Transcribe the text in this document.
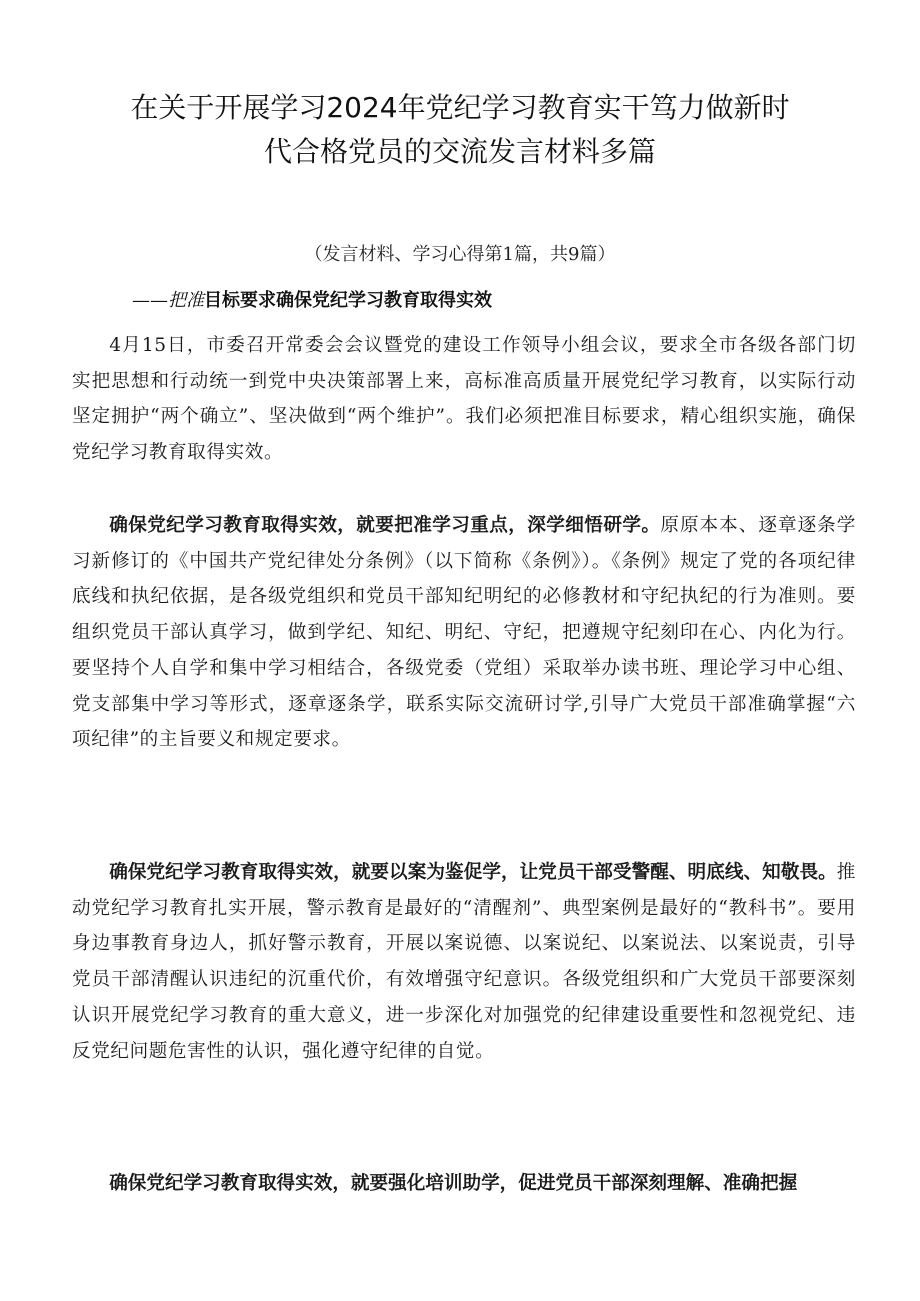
在关于开展学习2024年党纪学习教育实干笃力做新时
代合格党员的交流发言材料多篇
（发言材料、学习心得第1篇，共9篇）
——把准目标要求确保党纪学习教育取得实效

4月15日，市委召开常委会会议暨党的建设工作领导小组会议，要求全市各级各部门切实把思想和行动统一到党中央决策部署上来，高标准高质量开展党纪学习教育，以实际行动坚定拥护“两个确立”、坚决做到“两个维护”。我们必须把准目标要求，精心组织实施，确保党纪学习教育取得实效。

确保党纪学习教育取得实效，就要把准学习重点，深学细悟研学。原原本本、逐章逐条学习新修订的《中国共产党纪律处分条例》（以下简称《条例》）。《条例》规定了党的各项纪律底线和执纪依据，是各级党组织和党员干部知纪明纪的必修教材和守纪执纪的行为准则。要组织党员干部认真学习，做到学纪、知纪、明纪、守纪，把遵规守纪刻印在心、内化为行。要坚持个人自学和集中学习相结合，各级党委（党组）采取举办读书班、理论学习中心组、党支部集中学习等形式，逐章逐条学，联系实际交流研讨学,引导广大党员干部准确掌握“六项纪律”的主旨要义和规定要求。

确保党纪学习教育取得实效，就要以案为鉴促学，让党员干部受警醒、明底线、知敬畏。推动党纪学习教育扎实开展，警示教育是最好的“清醒剂”、典型案例是最好的“教科书”。要用身边事教育身边人，抓好警示教育，开展以案说德、以案说纪、以案说法、以案说责，引导党员干部清醒认识违纪的沉重代价，有效增强守纪意识。各级党组织和广大党员干部要深刻认识开展党纪学习教育的重大意义，进一步深化对加强党的纪律建设重要性和忽视党纪、违反党纪问题危害性的认识，强化遵守纪律的自觉。

确保党纪学习教育取得实效，就要强化培训助学，促进党员干部深刻理解、准确把握
